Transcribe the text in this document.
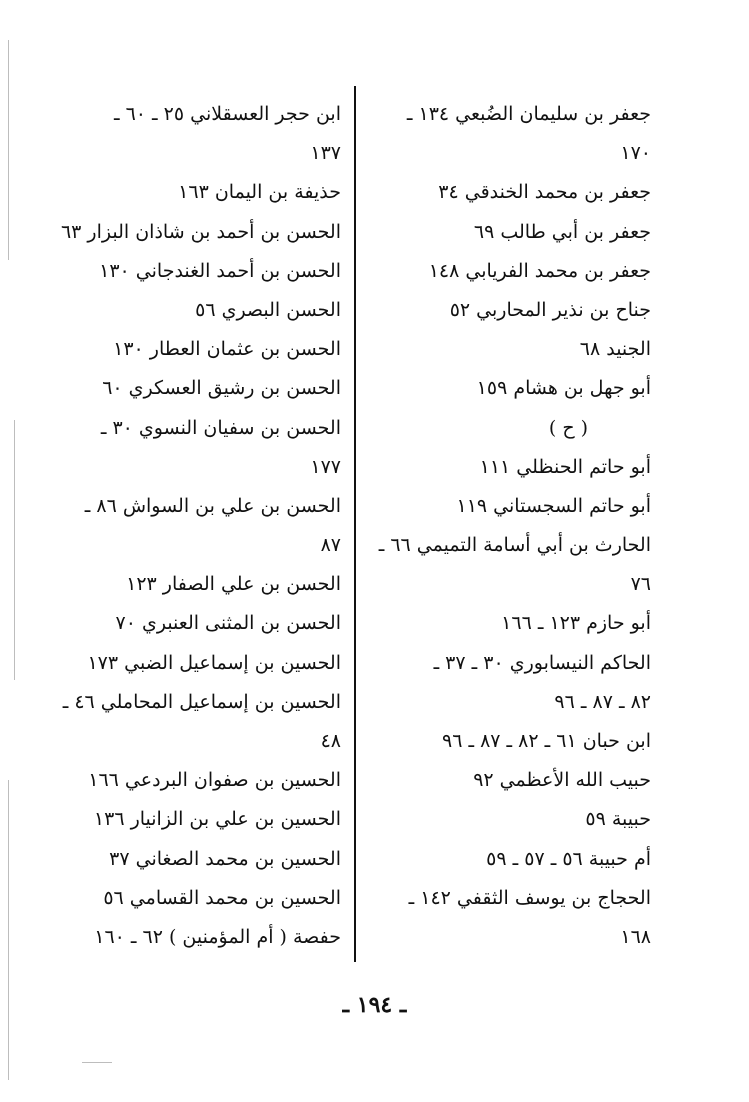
جعفر بن سليمان الضُبعي ١٣٤ ـ
١٧٠
جعفر بن محمد الخندقي ٣٤
جعفر بن أبي طالب ٦٩
جعفر بن محمد الفريابي ١٤٨
جناح بن نذير المحاربي ٥٢
الجنيد ٦٨
أبو جهل بن هشام ١٥٩
( ح )
أبو حاتم الحنظلي ١١١
أبو حاتم السجستاني ١١٩
الحارث بن أبي أسامة التميمي ٦٦ ـ
٧٦
أبو حازم ١٢٣ ـ ١٦٦
الحاكم النيسابوري ٣٠ ـ ٣٧ ـ
٨٢ ـ ٨٧ ـ ٩٦
ابن حبان ٦١ ـ ٨٢ ـ ٨٧ ـ ٩٦
حبيب الله الأعظمي ٩٢
حبيبة ٥٩
أم حبيبة ٥٦ ـ ٥٧ ـ ٥٩
الحجاج بن يوسف الثقفي ١٤٢ ـ
١٦٨
ابن حجر العسقلاني ٢٥ ـ ٦٠ ـ
١٣٧
حذيفة بن اليمان ١٦٣
الحسن بن أحمد بن شاذان البزار ٦٣
الحسن بن أحمد الغندجاني ١٣٠
الحسن البصري ٥٦
الحسن بن عثمان العطار ١٣٠
الحسن بن رشيق العسكري ٦٠
الحسن بن سفيان النسوي ٣٠ ـ
١٧٧
الحسن بن علي بن السواش ٨٦ ـ
٨٧
الحسن بن علي الصفار ١٢٣
الحسن بن المثنى العنبري ٧٠
الحسين بن إسماعيل الضبي ١٧٣
الحسين بن إسماعيل المحاملي ٤٦ ـ
٤٨
الحسين بن صفوان البردعي ١٦٦
الحسين بن علي بن الزانيار ١٣٦
الحسين بن محمد الصغاني ٣٧
الحسين بن محمد القسامي ٥٦
حفصة ( أم المؤمنين ) ٦٢ ـ ١٦٠
ـ ١٩٤ ـ
